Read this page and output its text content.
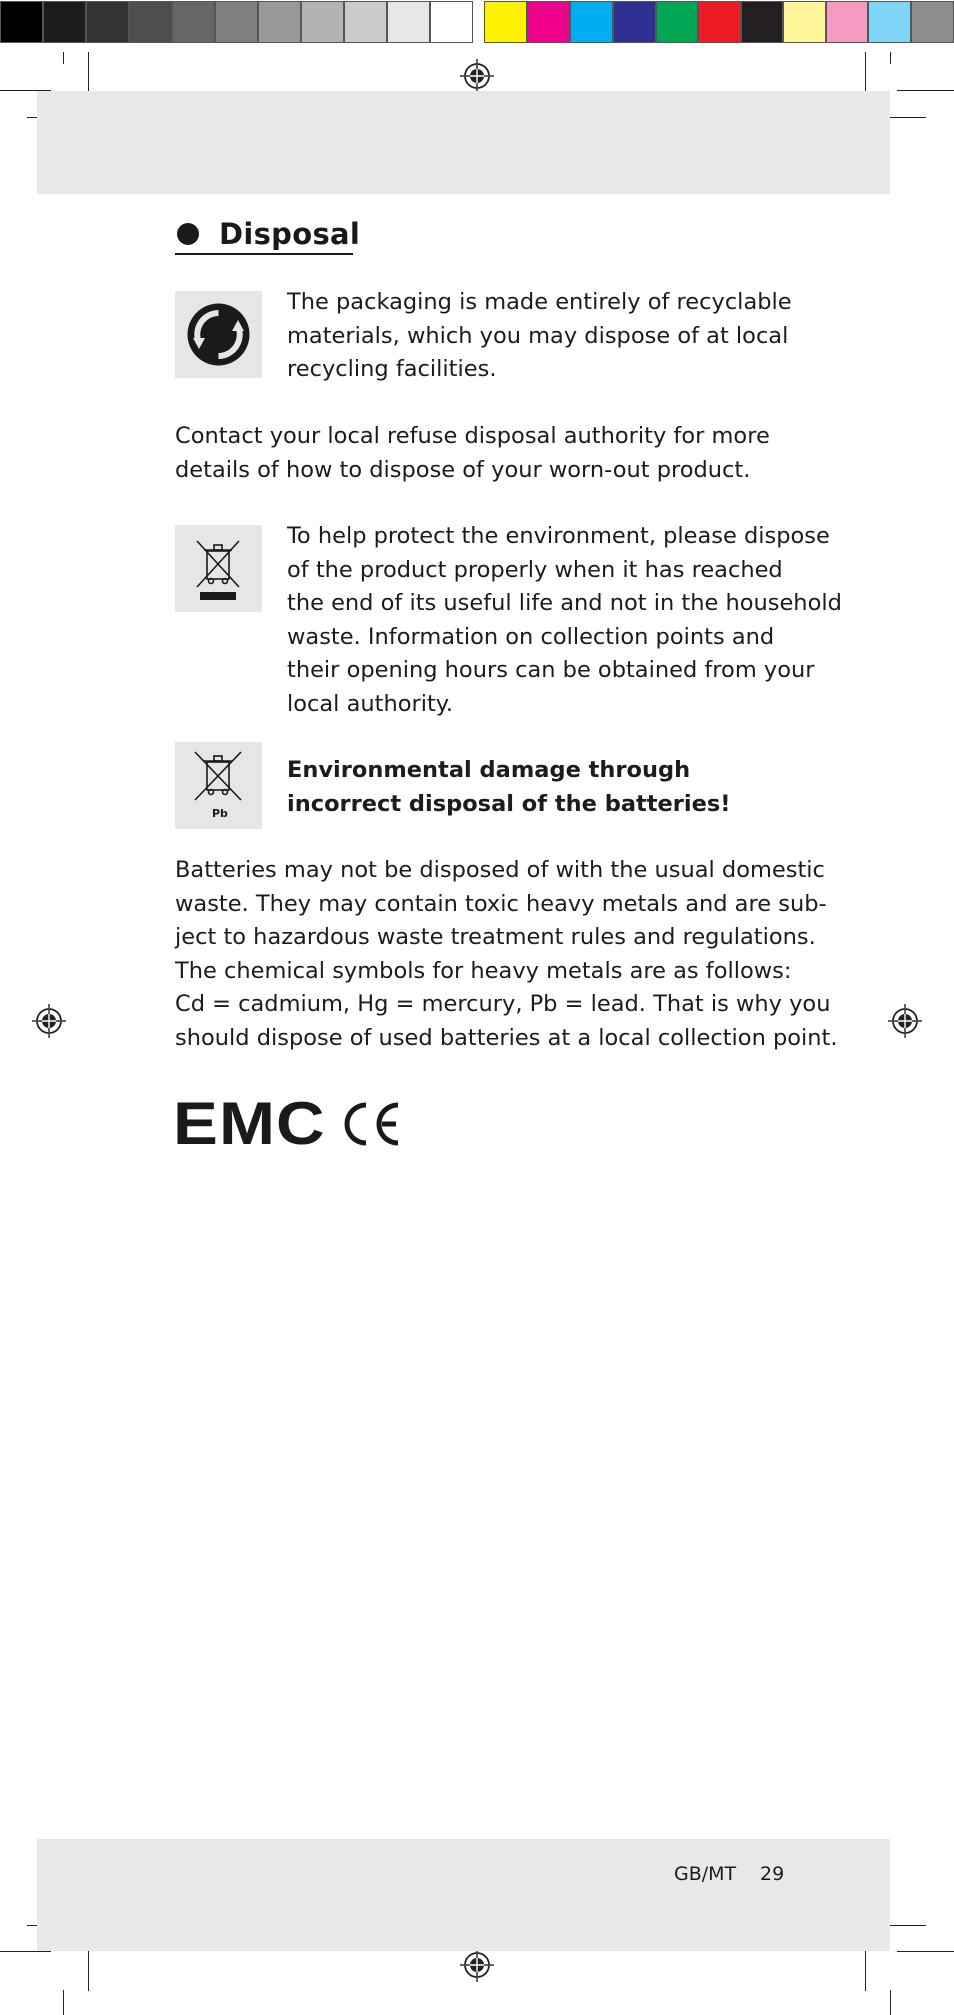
Disposal

The packaging is made entirely of recyclable
materials, which you may dispose of at local
recycling facilities.

Contact your local refuse disposal authority for more
details of how to dispose of your worn-out product.

To help protect the environment, please dispose
of the product properly when it has reached
the end of its useful life and not in the household
waste. Information on collection points and
their opening hours can be obtained from your
local authority.

Pb

Environmental damage through
incorrect disposal of the batteries!

Batteries may not be disposed of with the usual domestic
waste. They may contain toxic heavy metals and are sub-
ject to hazardous waste treatment rules and regulations.
The chemical symbols for heavy metals are as follows:
Cd = cadmium, Hg = mercury, Pb = lead. That is why you
should dispose of used batteries at a local collection point.

EMC
GB/MT 29
